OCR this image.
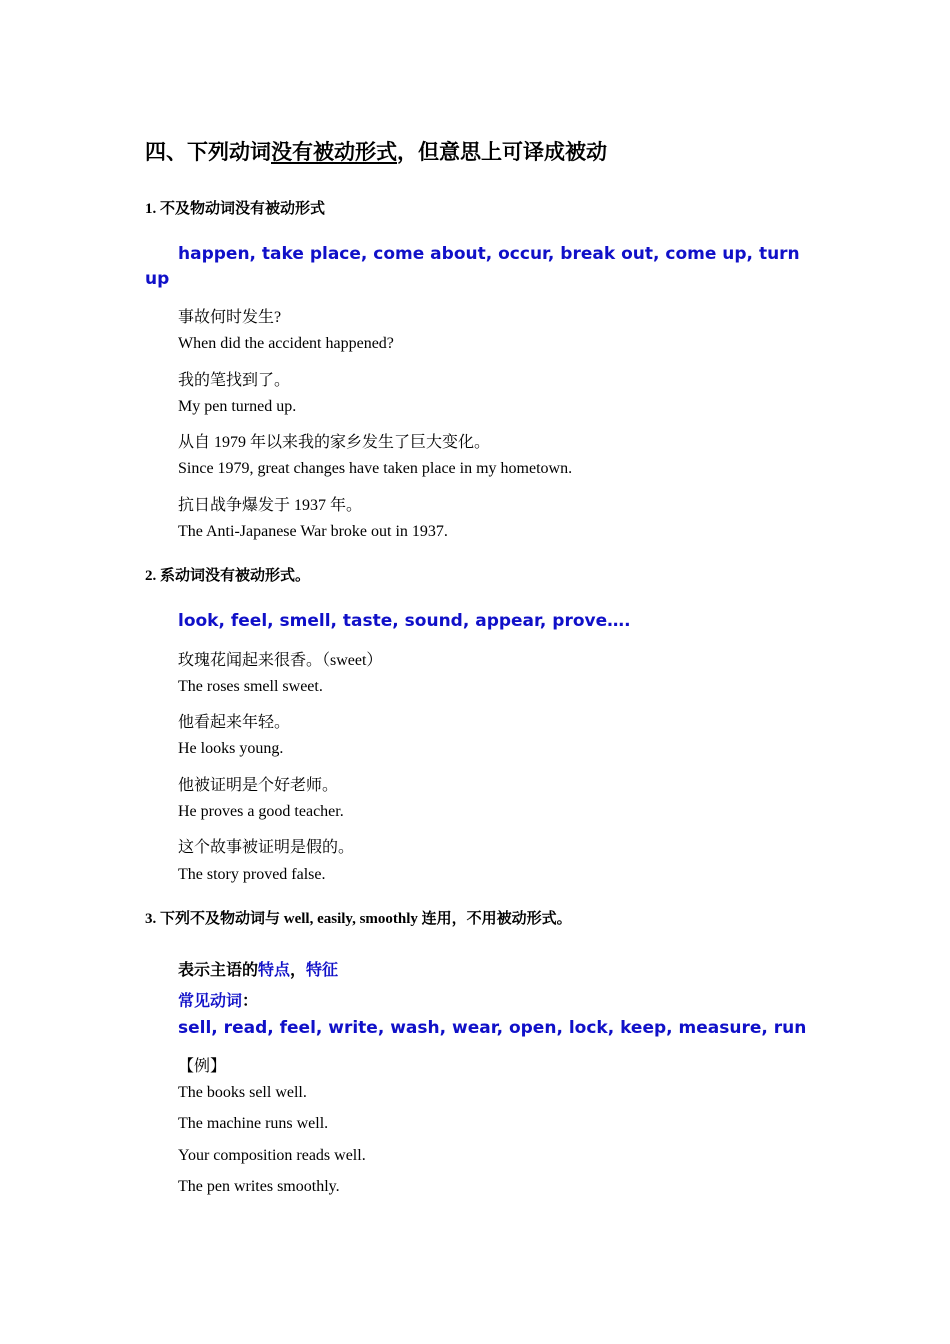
四、下列动词没有被动形式，但意思上可译成被动
1. 不及物动词没有被动形式
happen, take place, come about, occur, break out, come up, turn
up
事故何时发生?
When did the accident happened?
我的笔找到了。
My pen turned up.
从自 1979 年以来我的家乡发生了巨大变化。
Since 1979, great changes have taken place in my hometown.
抗日战争爆发于 1937 年。
The Anti-Japanese War broke out in 1937.
2. 系动词没有被动形式。
look, feel, smell, taste, sound, appear, prove….
玫瑰花闻起来很香。（sweet）
The roses smell sweet.
他看起来年轻。
He looks young.
他被证明是个好老师。
He proves a good teacher.
这个故事被证明是假的。
The story proved false.
3. 下列不及物动词与 well, easily, smoothly 连用，不用被动形式。
表示主语的特点，特征
常见动词：
sell, read, feel, write, wash, wear, open, lock, keep, measure, run
【例】
The books sell well.
The machine runs well.
Your composition reads well.
The pen writes smoothly.
